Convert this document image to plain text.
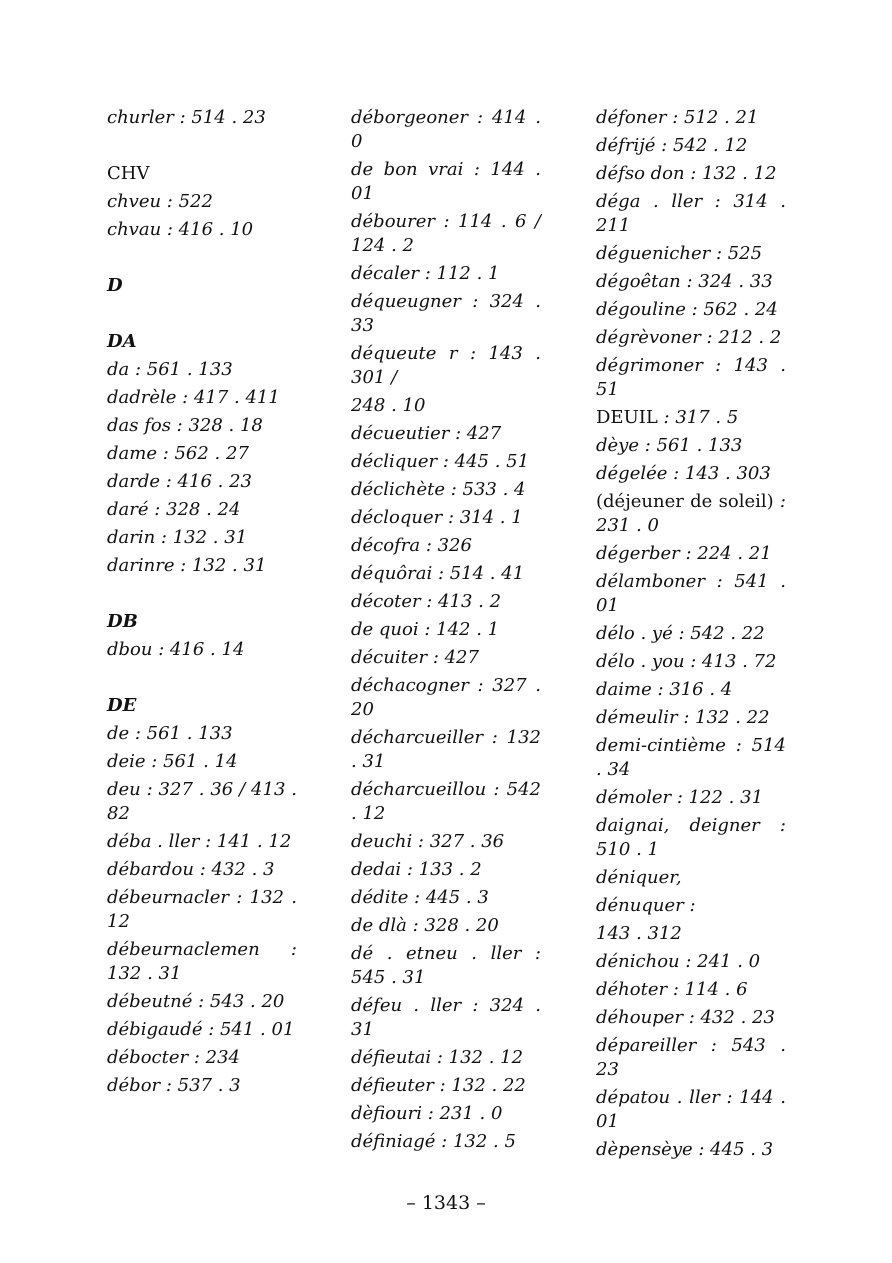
churler : 514 . 23
CHV
chveu : 522
chvau : 416 . 10
D
DA
da : 561 . 133
dadrèle : 417 . 411
das fos : 328 . 18
dame : 562 . 27
darde : 416 . 23
daré : 328 . 24
darin : 132 . 31
darinre : 132 . 31
DB
dbou : 416 . 14
DE
de : 561 . 133
deie : 561 . 14
deu : 327 . 36 / 413 . 82
déba . ller : 141 . 12
débardou : 432 . 3
débeurnacler : 132 . 12
débeurnaclemen : 132 . 31
débeutné : 543 . 20
débigaudé : 541 . 01
débocter : 234
débor : 537 . 3
déborgeoner : 414 . 0
de bon vrai : 144 . 01
débourer : 114 . 6 / 124 . 2
décaler : 112 . 1
déqueugner : 324 . 33
déqueute r : 143 . 301 /
248 . 10
décueutier : 427
décliquer : 445 . 51
déclichète : 533 . 4
décloquer : 314 . 1
décofra : 326
déquôrai : 514 . 41
décoter : 413 . 2
de quoi : 142 . 1
décuiter : 427
déchacogner : 327 . 20
décharcueiller : 132 . 31
décharcueillou : 542 . 12
deuchi : 327 . 36
dedai : 133 . 2
dédite : 445 . 3
de dlà : 328 . 20
dé . etneu . ller : 545 . 31
défeu . ller : 324 . 31
défieutai : 132 . 12
défieuter : 132 . 22
dèfiouri : 231 . 0
définiagé : 132 . 5
défoner : 512 . 21
défrijé : 542 . 12
défso don : 132 . 12
déga . ller : 314 . 211
déguenicher : 525
dégoêtan : 324 . 33
dégouline : 562 . 24
dégrèvoner : 212 . 2
dégrimoner : 143 . 51
DEUIL : 317 . 5
dèye : 561 . 133
dégelée : 143 . 303
(déjeuner de soleil) : 231 . 0
dégerber : 224 . 21
délamboner : 541 . 01
délo . yé : 542 . 22
délo . you : 413 . 72
daime : 316 . 4
démeulir : 132 . 22
demi-cintième : 514 . 34
démoler : 122 . 31
daignai, deigner : 510 . 1
déniquer,
dénuquer :
143 . 312
dénichou : 241 . 0
déhoter : 114 . 6
déhouper : 432 . 23
dépareiller : 543 . 23
dépatou . ller : 144 . 01
dèpensèye : 445 . 3
– 1343 –
